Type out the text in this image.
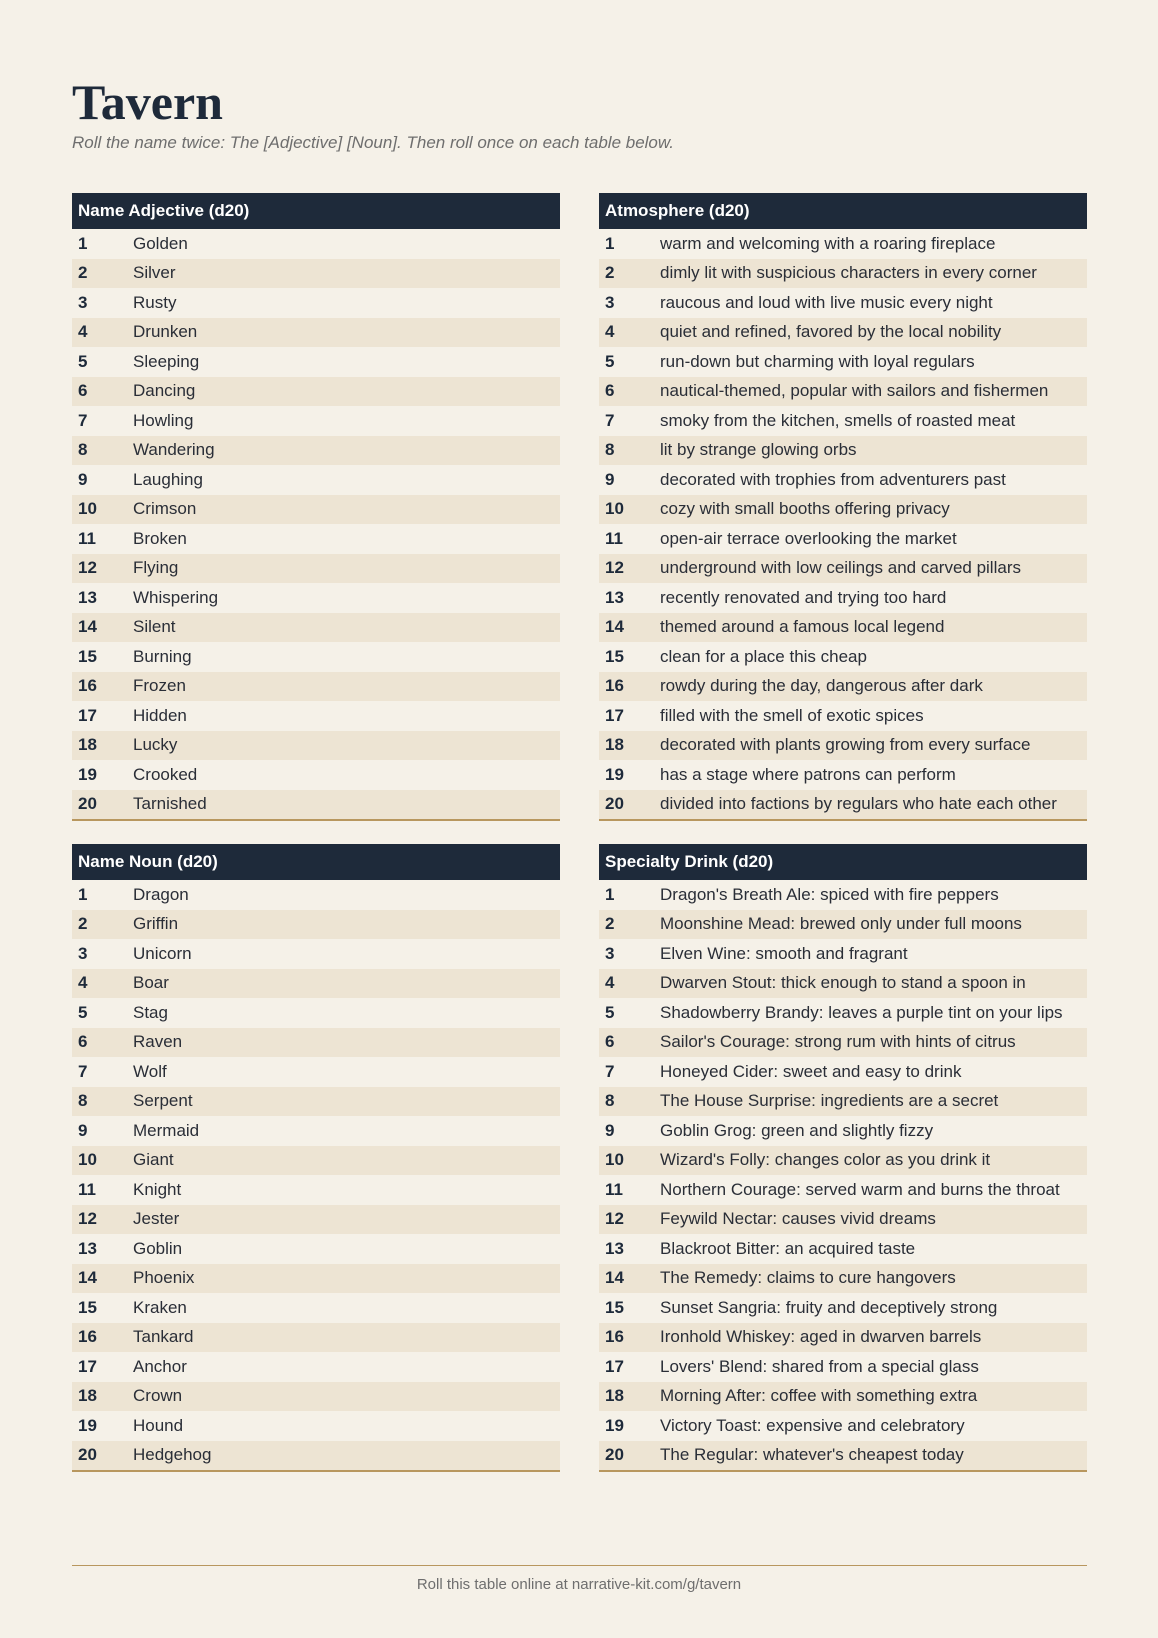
Tavern

Roll the name twice: The [Adjective] [Noun]. Then roll once on each table below.

Name Adjective (d20)
1	Golden
2	Silver
3	Rusty
4	Drunken
5	Sleeping
6	Dancing
7	Howling
8	Wandering
9	Laughing
10	Crimson
11	Broken
12	Flying
13	Whispering
14	Silent
15	Burning
16	Frozen
17	Hidden
18	Lucky
19	Crooked
20	Tarnished
Atmosphere (d20)
1	warm and welcoming with a roaring fireplace
2	dimly lit with suspicious characters in every corner
3	raucous and loud with live music every night
4	quiet and refined, favored by the local nobility
5	run-down but charming with loyal regulars
6	nautical-themed, popular with sailors and fishermen
7	smoky from the kitchen, smells of roasted meat
8	lit by strange glowing orbs
9	decorated with trophies from adventurers past
10	cozy with small booths offering privacy
11	open-air terrace overlooking the market
12	underground with low ceilings and carved pillars
13	recently renovated and trying too hard
14	themed around a famous local legend
15	clean for a place this cheap
16	rowdy during the day, dangerous after dark
17	filled with the smell of exotic spices
18	decorated with plants growing from every surface
19	has a stage where patrons can perform
20	divided into factions by regulars who hate each other
Name Noun (d20)
1	Dragon
2	Griffin
3	Unicorn
4	Boar
5	Stag
6	Raven
7	Wolf
8	Serpent
9	Mermaid
10	Giant
11	Knight
12	Jester
13	Goblin
14	Phoenix
15	Kraken
16	Tankard
17	Anchor
18	Crown
19	Hound
20	Hedgehog
Specialty Drink (d20)
1	Dragon's Breath Ale: spiced with fire peppers
2	Moonshine Mead: brewed only under full moons
3	Elven Wine: smooth and fragrant
4	Dwarven Stout: thick enough to stand a spoon in
5	Shadowberry Brandy: leaves a purple tint on your lips
6	Sailor's Courage: strong rum with hints of citrus
7	Honeyed Cider: sweet and easy to drink
8	The House Surprise: ingredients are a secret
9	Goblin Grog: green and slightly fizzy
10	Wizard's Folly: changes color as you drink it
11	Northern Courage: served warm and burns the throat
12	Feywild Nectar: causes vivid dreams
13	Blackroot Bitter: an acquired taste
14	The Remedy: claims to cure hangovers
15	Sunset Sangria: fruity and deceptively strong
16	Ironhold Whiskey: aged in dwarven barrels
17	Lovers' Blend: shared from a special glass
18	Morning After: coffee with something extra
19	Victory Toast: expensive and celebratory
20	The Regular: whatever's cheapest today
Roll this table online at narrative-kit.com/g/tavern
